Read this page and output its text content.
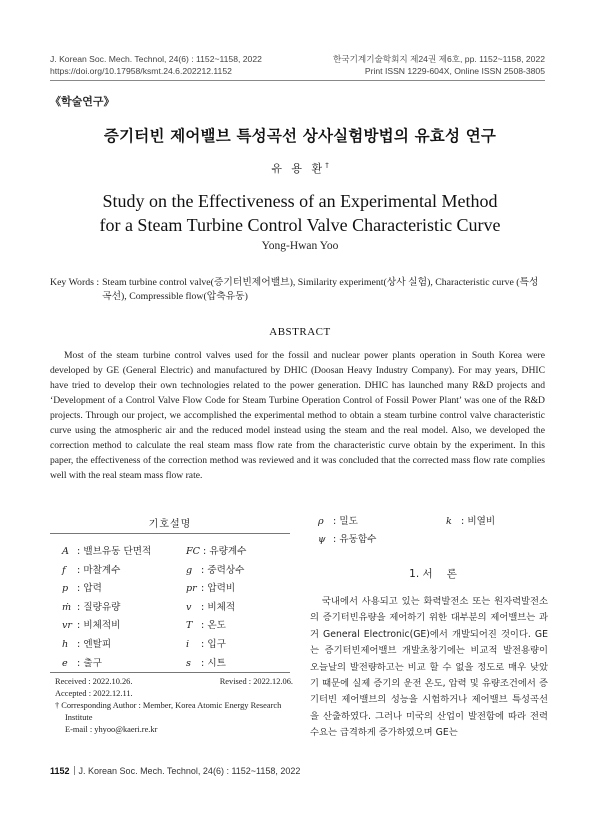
J. Korean Soc. Mech. Technol, 24(6) : 1152~1158, 2022
https://doi.org/10.17958/ksmt.24.6.202212.1152
한국기계기술학회지 제24권 제6호, pp. 1152~1158, 2022
Print ISSN 1229-604X, Online ISSN 2508-3805
《학술연구》
증기터빈 제어밸브 특성곡선 상사실험방법의 유효성 연구
유 용 환†
Study on the Effectiveness of an Experimental Method
for a Steam Turbine Control Valve Characteristic Curve
Yong-Hwan Yoo
Key Words : Steam turbine control valve(증기터빈제어밸브), Similarity experiment(상사 실험), Characteristic curve (특성곡선), Compressible flow(압축유동)
ABSTRACT
Most of the steam turbine control valves used for the fossil and nuclear power plants operation in South Korea were developed by GE (General Electric) and manufactured by DHIC (Doosan Heavy Industry Company). For may years, DHIC have tried to develop their own technologies related to the power generation. DHIC has launched many R&D projects and ‘Development of a Control Valve Flow Code for Steam Turbine Operation Control of Fossil Power Plant’ was one of the R&D projects. Through our project, we accomplished the experimental method to obtain a steam turbine control valve characteristic curve using the atmospheric air and the reduced model instead using the steam and the real model. Also, we developed the correction method to calculate the real steam mass flow rate from the characteristic curve obtain by the experiment. In this paper, the effectiveness of the correction method was reviewed and it was concluded that the corrected mass flow rate complies well with the real steam mass flow rate.
기호설명
A : 밸브유동 단면적	FC : 유량계수
f : 마찰계수	g : 중력상수
p : 압력	pr : 압력비
ṁ : 질량유량	v : 비체적
vr : 비체적비	T : 온도
h : 엔탈피	i : 입구
e : 출구	s : 시트
ρ : 밀도	k : 비열비
ψ : 유동함수
1. 서 론
국내에서 사용되고 있는 화력발전소 또는 원자력발전소의 증기터빈유량을 제어하기 위한 대부분의 제어밸브는 과거 General Electronic(GE)에서 개발되어진 것이다. GE는 증기터빈제어밸브 개발초창기에는 비교적 발전용량이 오늘날의 발전량하고는 비교 할 수 없을 정도로 매우 낮았기 때문에 실제 증기의 운전 온도, 압력 및 유량조건에서 증기터빈 제어밸브의 성능을 시험하거나 제어밸브 특성곡선을 산출하였다. 그러나 미국의 산업이 발전함에 따라 전력수요는 급격하게 증가하였으며 GE는
Received : 2022.10.26.	Revised : 2022.12.06.
Accepted : 2022.12.11.
† Corresponding Author : Member, Korea Atomic Energy Research
Institute
E-mail : yhyoo@kaeri.re.kr
1152 J. Korean Soc. Mech. Technol, 24(6) : 1152~1158, 2022
